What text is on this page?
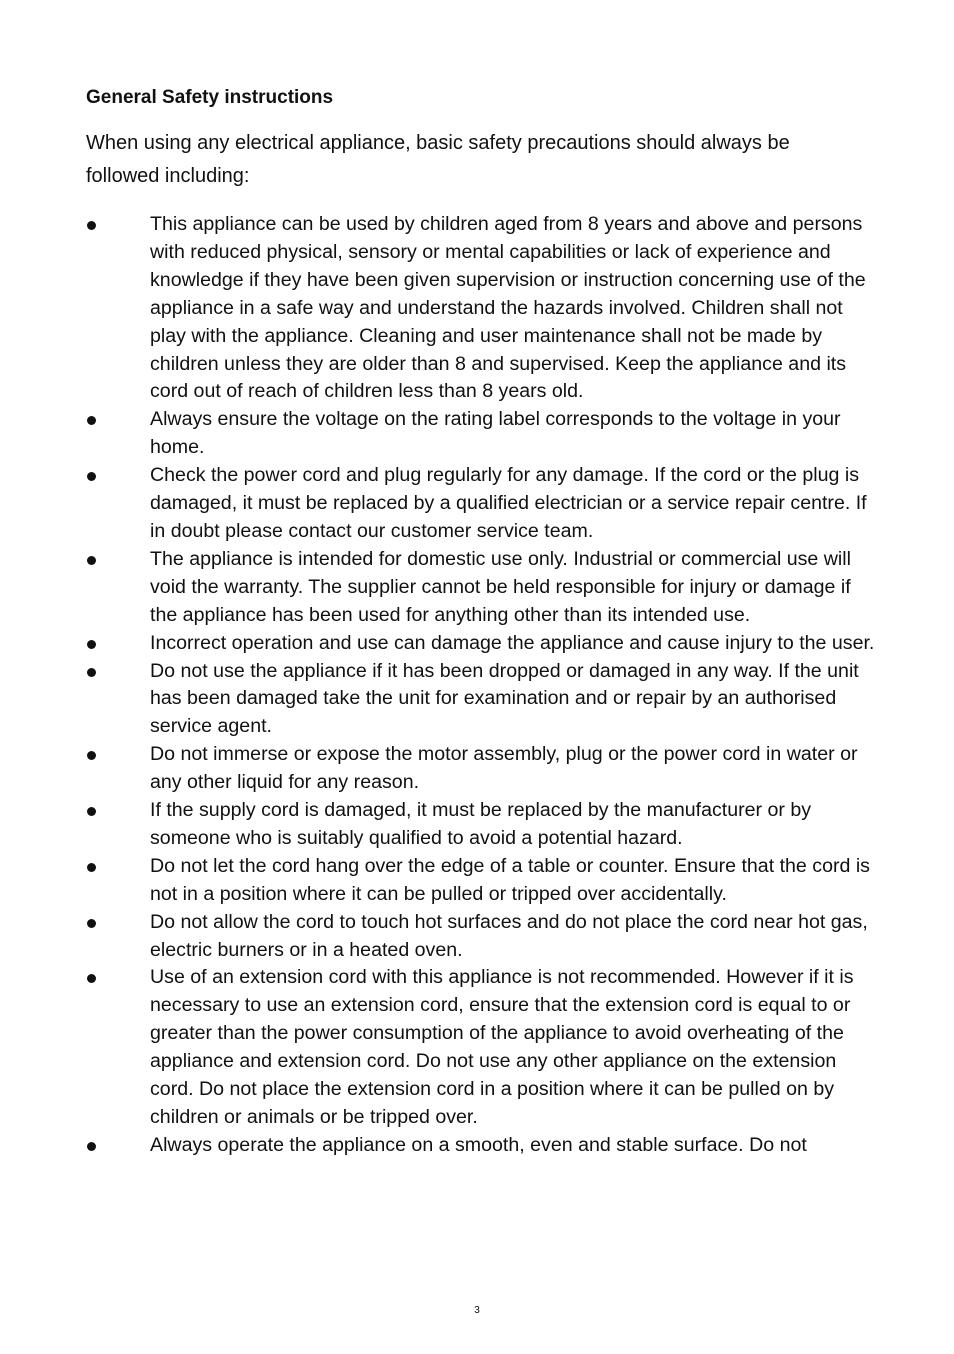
General Safety instructions

When using any electrical appliance, basic safety precautions should always be followed including:

This appliance can be used by children aged from 8 years and above and persons with reduced physical, sensory or mental capabilities or lack of experience and knowledge if they have been given supervision or instruction concerning use of the appliance in a safe way and understand the hazards involved. Children shall not play with the appliance. Cleaning and user maintenance shall not be made by children unless they are older than 8 and supervised. Keep the appliance and its cord out of reach of children less than 8 years old.
Always ensure the voltage on the rating label corresponds to the voltage in your home.
Check the power cord and plug regularly for any damage. If the cord or the plug is damaged, it must be replaced by a qualified electrician or a service repair centre. If in doubt please contact our customer service team.
The appliance is intended for domestic use only. Industrial or commercial use will void the warranty. The supplier cannot be held responsible for injury or damage if the appliance has been used for anything other than its intended use.
Incorrect operation and use can damage the appliance and cause injury to the user.
Do not use the appliance if it has been dropped or damaged in any way. If the unit has been damaged take the unit for examination and or repair by an authorised service agent.
Do not immerse or expose the motor assembly, plug or the power cord in water or any other liquid for any reason.
If the supply cord is damaged, it must be replaced by the manufacturer or by someone who is suitably qualified to avoid a potential hazard.
Do not let the cord hang over the edge of a table or counter. Ensure that the cord is not in a position where it can be pulled or tripped over accidentally.
Do not allow the cord to touch hot surfaces and do not place the cord near hot gas, electric burners or in a heated oven.
Use of an extension cord with this appliance is not recommended. However if it is necessary to use an extension cord, ensure that the extension cord is equal to or greater than the power consumption of the appliance to avoid overheating of the appliance and extension cord. Do not use any other appliance on the extension cord. Do not place the extension cord in a position where it can be pulled on by children or animals or be tripped over.
Always operate the appliance on a smooth, even and stable surface. Do not
3
